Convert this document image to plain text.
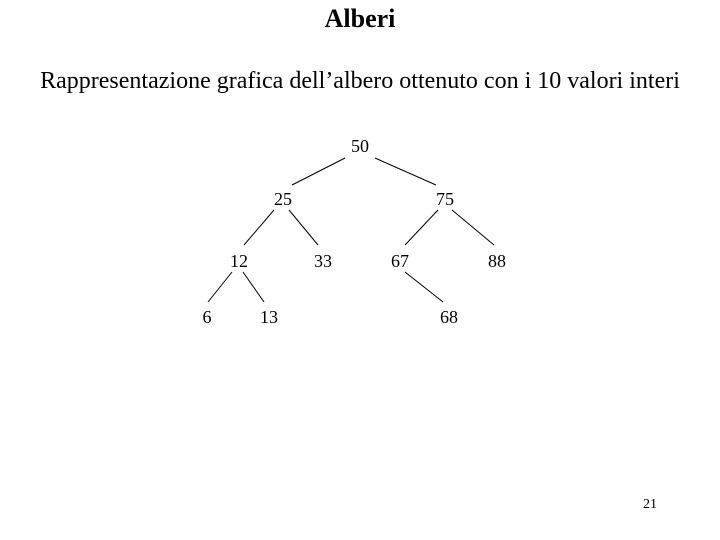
Alberi
Rappresentazione grafica dell’albero ottenuto con i 10 valori interi
50
25	75
12	33	67	88
6	13	68
21
